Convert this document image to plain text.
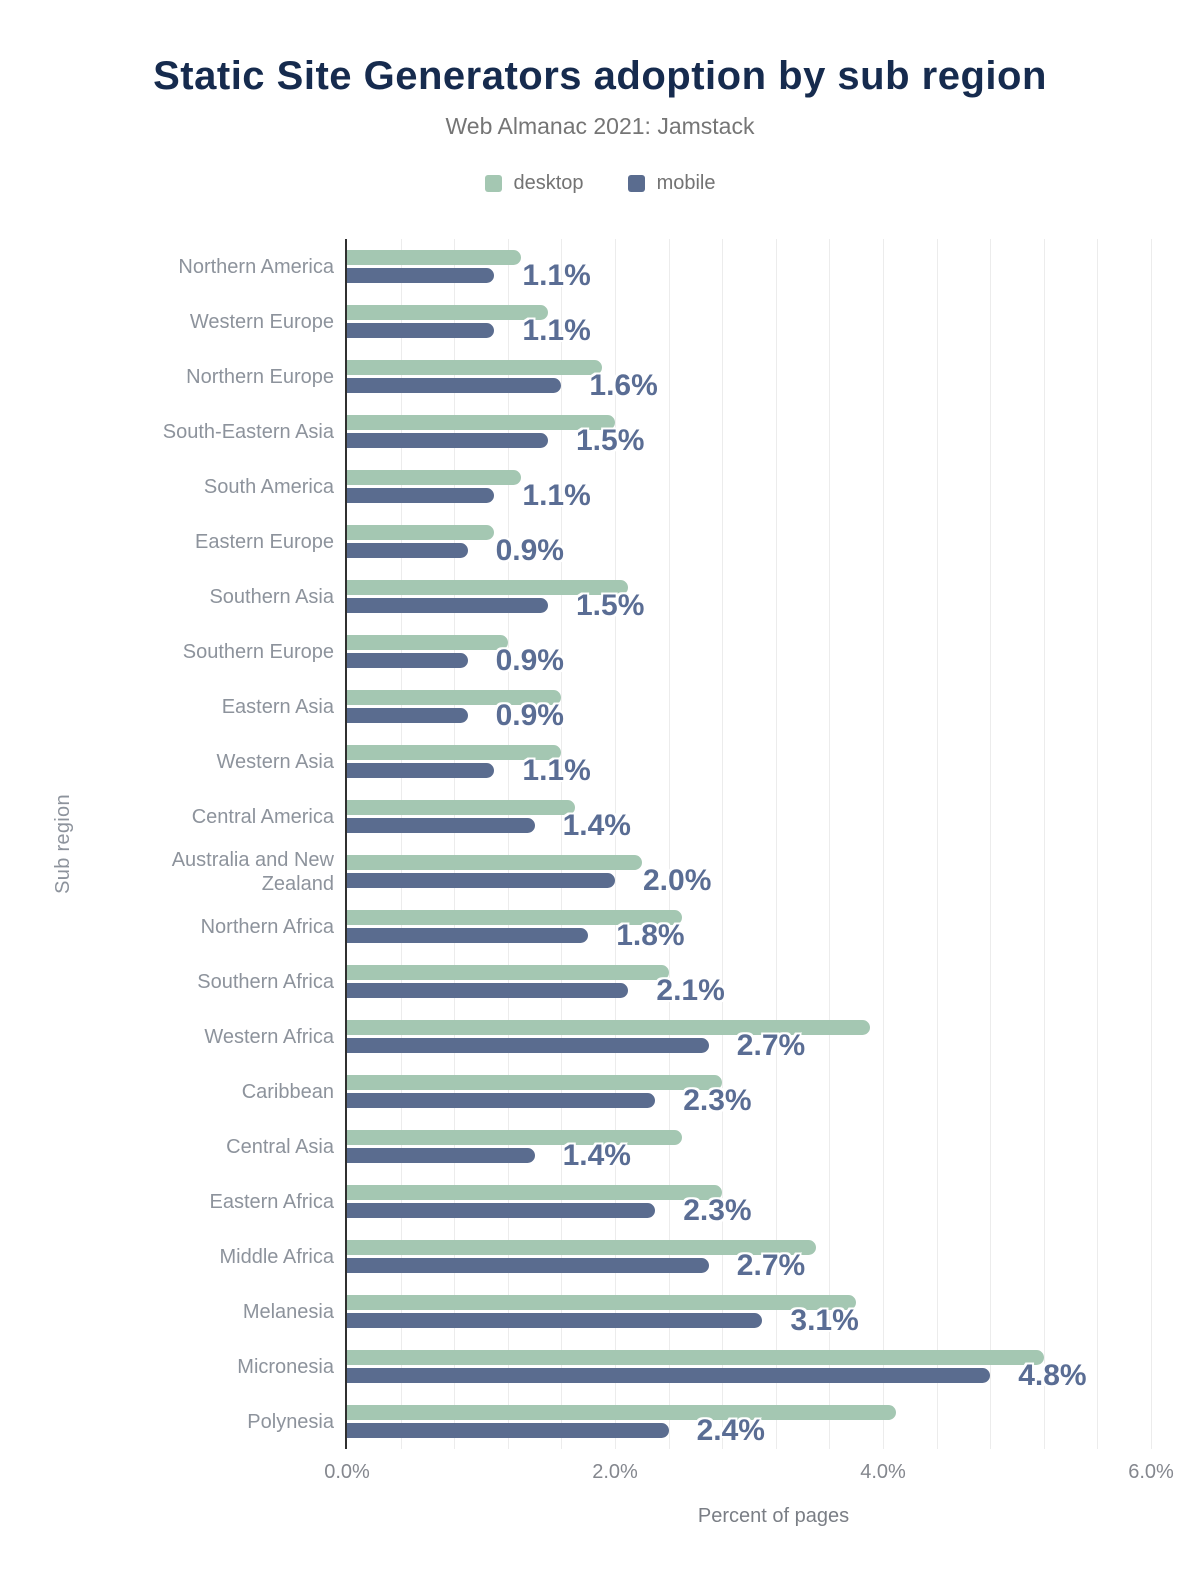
Static Site Generators adoption by sub region
Web Almanac 2021: Jamstack
desktop	mobile
Sub region
Northern America	1.1%
Western Europe	1.1%
Northern Europe	1.6%
South-Eastern Asia	1.5%
South America	1.1%
Eastern Europe	0.9%
Southern Asia	1.5%
Southern Europe	0.9%
Eastern Asia	0.9%
Western Asia	1.1%
Central America	1.4%
Australia and New Zealand	2.0%
Northern Africa	1.8%
Southern Africa	2.1%
Western Africa	2.7%
Caribbean	2.3%
Central Asia	1.4%
Eastern Africa	2.3%
Middle Africa	2.7%
Melanesia	3.1%
Micronesia	4.8%
Polynesia	2.4%
0.0%	2.0%	4.0%	6.0%
Percent of pages
